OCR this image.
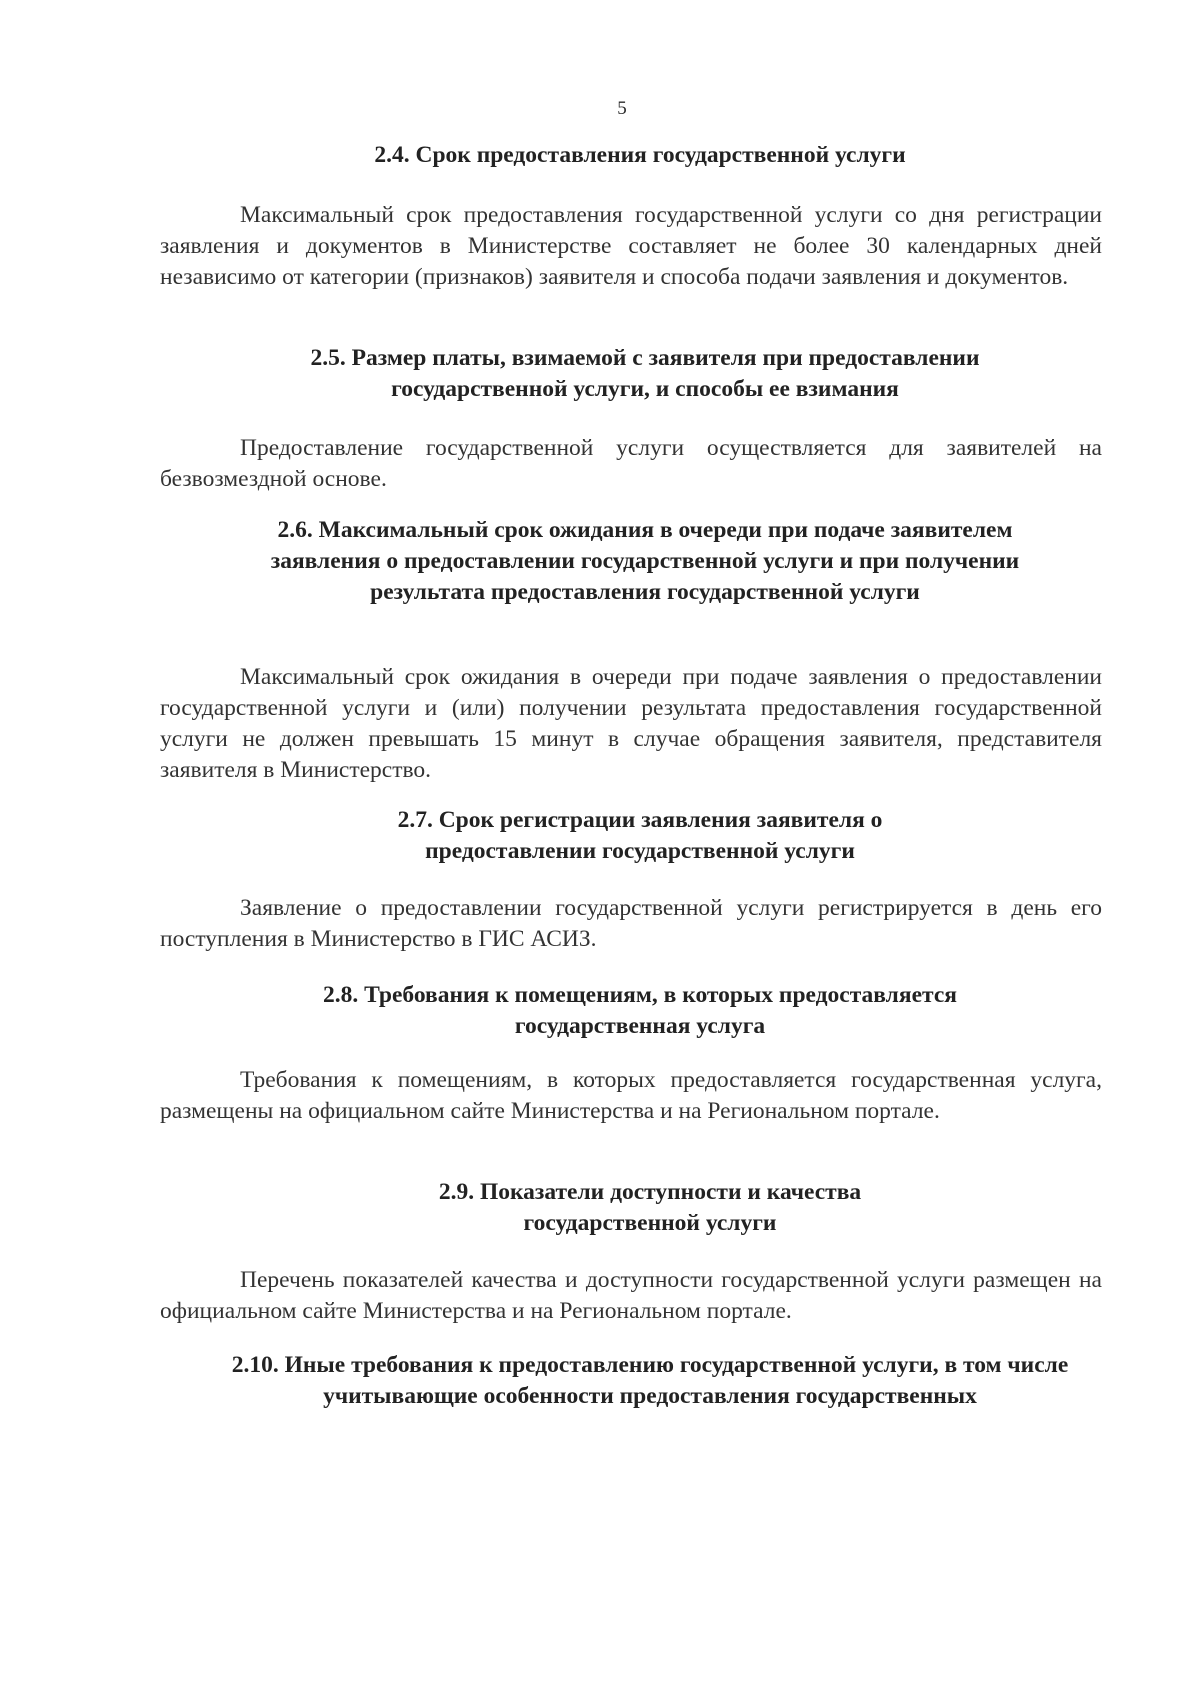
5
2.4. Срок предоставления государственной услуги
Максимальный срок предоставления государственной услуги со дня регистрации заявления и документов в Министерстве составляет не более 30 календарных дней независимо от категории (признаков) заявителя и способа подачи заявления и документов.
2.5. Размер платы, взимаемой с заявителя при предоставлении государственной услуги, и способы ее взимания
Предоставление государственной услуги осуществляется для заявителей на безвозмездной основе.
2.6. Максимальный срок ожидания в очереди при подаче заявителем заявления о предоставлении государственной услуги и при получении результата предоставления государственной услуги
Максимальный срок ожидания в очереди при подаче заявления о предоставлении государственной услуги и (или) получении результата предоставления государственной услуги не должен превышать 15 минут в случае обращения заявителя, представителя заявителя в Министерство.
2.7. Срок регистрации заявления заявителя о предоставлении государственной услуги
Заявление о предоставлении государственной услуги регистрируется в день его поступления в Министерство в ГИС АСИЗ.
2.8. Требования к помещениям, в которых предоставляется государственная услуга
Требования к помещениям, в которых предоставляется государственная услуга, размещены на официальном сайте Министерства и на Региональном портале.
2.9. Показатели доступности и качества государственной услуги
Перечень показателей качества и доступности государственной услуги размещен на официальном сайте Министерства и на Региональном портале.
2.10. Иные требования к предоставлению государственной услуги, в том числе учитывающие особенности предоставления государственных
